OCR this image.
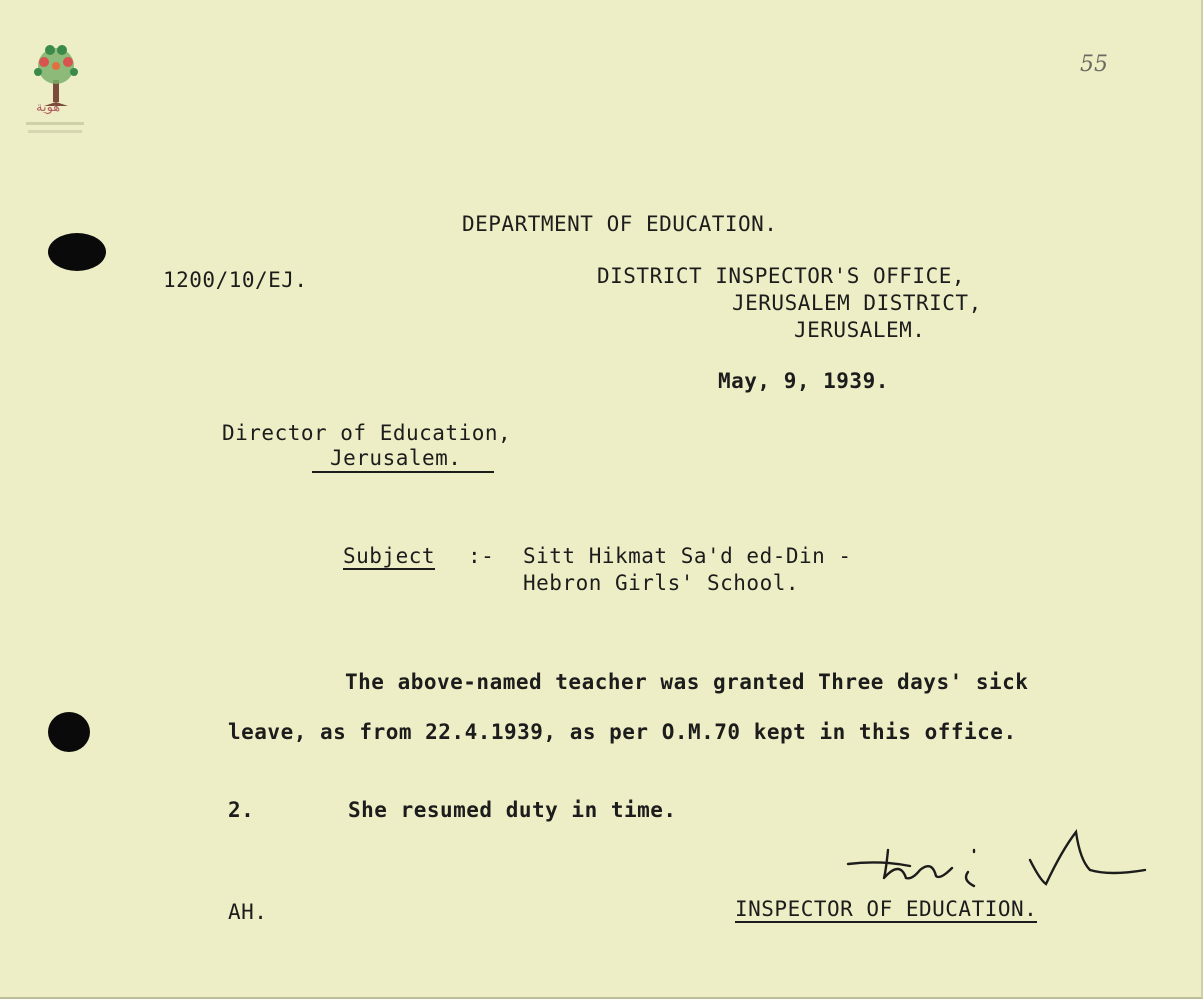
هوية
55
DEPARTMENT OF EDUCATION.
1200/10/EJ.	DISTRICT INSPECTOR'S OFFICE,
JERUSALEM DISTRICT,
JERUSALEM.
May, 9, 1939.
Director of Education,
Jerusalem.
Subject :- Sitt Hikmat Sa'd ed-Din -
Hebron Girls' School.
The above-named teacher was granted Three days' sick
leave, as from 22.4.1939, as per O.M.70 kept in this office.
2.	She resumed duty in time.
AH.	INSPECTOR OF EDUCATION.
